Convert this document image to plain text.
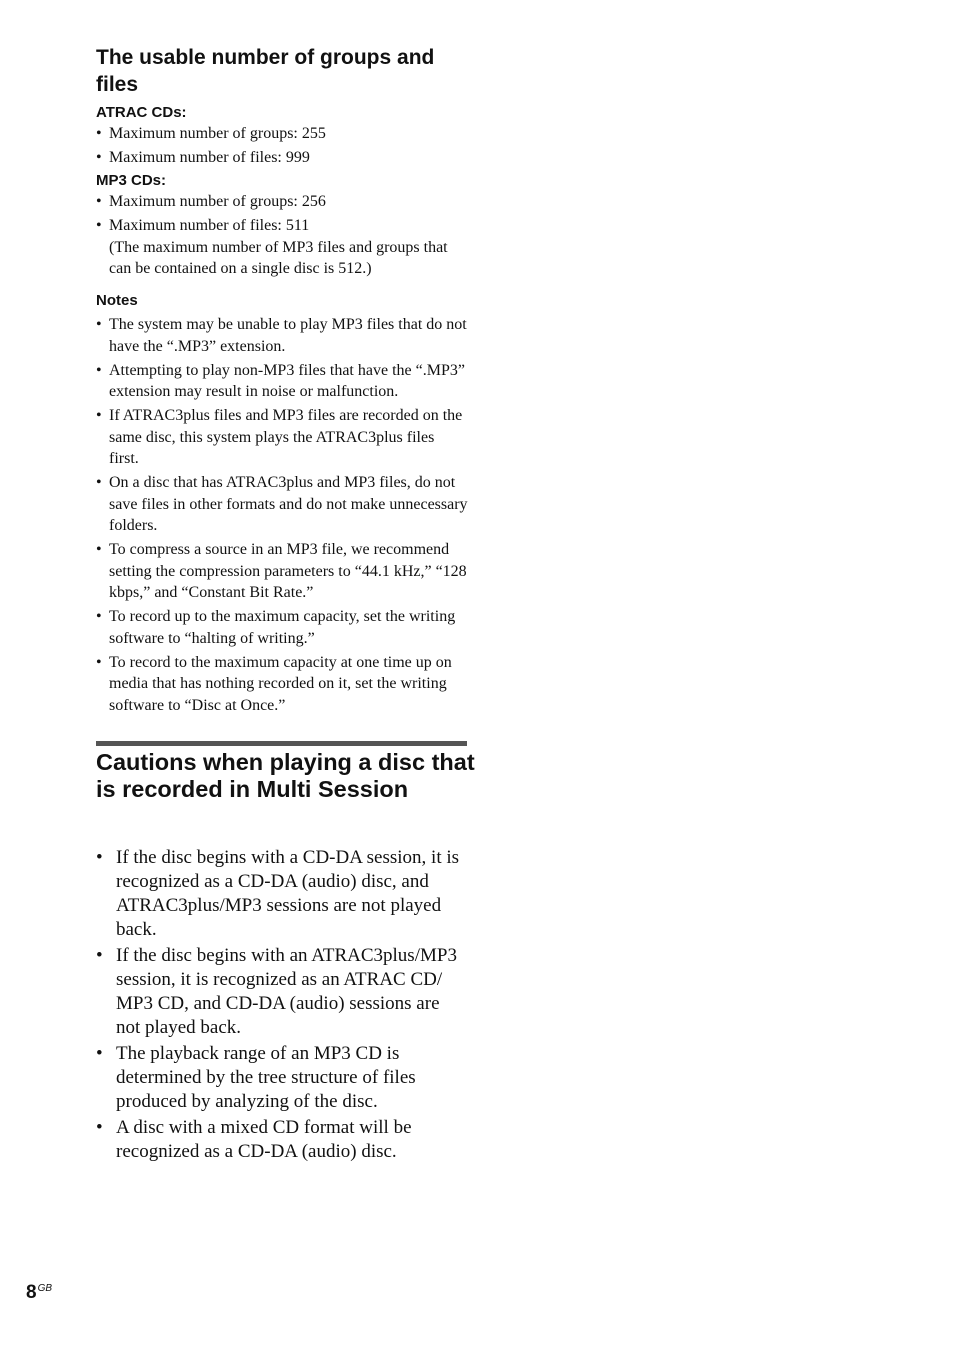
The usable number of groups and files
ATRAC CDs:
• Maximum number of groups: 255
• Maximum number of files: 999
MP3 CDs:
• Maximum number of groups: 256
• Maximum number of files: 511
(The maximum number of MP3 files and groups that can be contained on a single disc is 512.)
Notes
• The system may be unable to play MP3 files that do not have the “.MP3” extension.
• Attempting to play non-MP3 files that have the “.MP3” extension may result in noise or malfunction.
• If ATRAC3plus files and MP3 files are recorded on the same disc, this system plays the ATRAC3plus files first.
• On a disc that has ATRAC3plus and MP3 files, do not save files in other formats and do not make unnecessary folders.
• To compress a source in an MP3 file, we recommend setting the compression parameters to “44.1 kHz,” “128 kbps,” and “Constant Bit Rate.”
• To record up to the maximum capacity, set the writing software to “halting of writing.”
• To record to the maximum capacity at one time up on media that has nothing recorded on it, set the writing software to “Disc at Once.”
Cautions when playing a disc that is recorded in Multi Session
• If the disc begins with a CD-DA session, it is recognized as a CD-DA (audio) disc, and ATRAC3plus/MP3 sessions are not played back.
• If the disc begins with an ATRAC3plus/MP3 session, it is recognized as an ATRAC CD/ MP3 CD, and CD-DA (audio) sessions are not played back.
• The playback range of an MP3 CD is determined by the tree structure of files produced by analyzing of the disc.
• A disc with a mixed CD format will be recognized as a CD-DA (audio) disc.
$8^{GB}$
